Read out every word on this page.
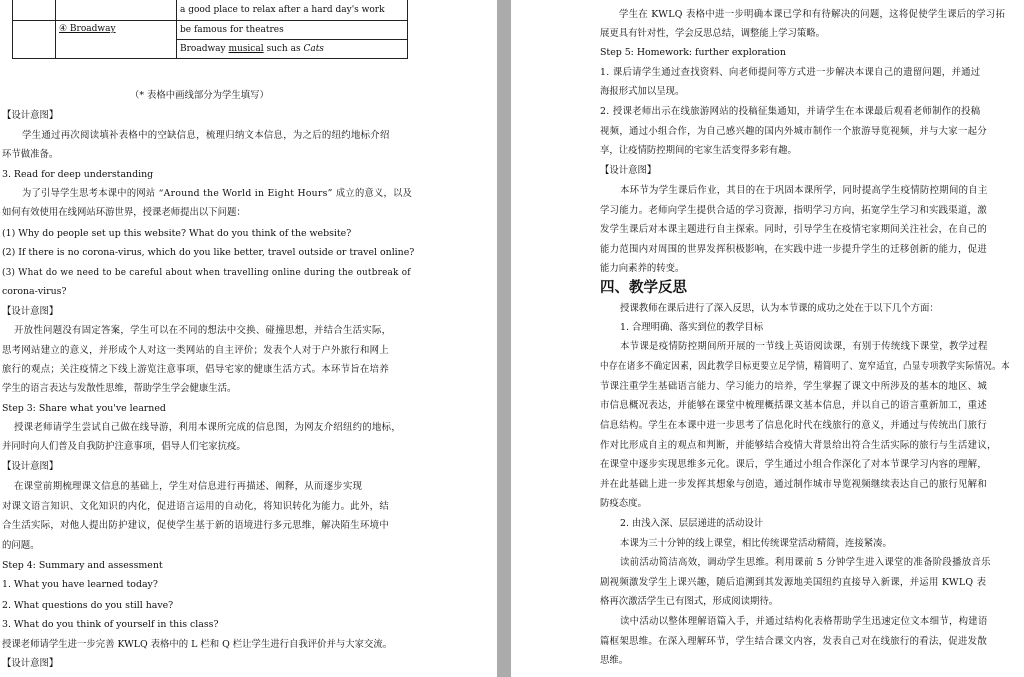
		a good place to relax after a hard day's work
	④ Broadway	be famous for theatres
		Broadway musical such as Cats
（* 表格中画线部分为学生填写）
【设计意图】
学生通过再次阅读填补表格中的空缺信息，梳理归纳文本信息，为之后的纽约地标介绍
环节做准备。
3. Read for deep understanding
为了引导学生思考本课中的网站 “Around the World in Eight Hours” 成立的意义，以及
如何有效使用在线网站环游世界，授课老师提出以下问题：
(1) Why do people set up this website? What do you think of the website?
(2) If there is no corona-virus, which do you like better, travel outside or travel online?
(3) What do we need to be careful about when travelling online during the outbreak of
corona-virus?
【设计意图】
开放性问题没有固定答案，学生可以在不同的想法中交换、碰撞思想，并结合生活实际，
思考网站建立的意义，并形成个人对这一类网站的自主评价；发表个人对于户外旅行和网上
旅行的观点；关注疫情之下线上游览注意事项，倡导宅家的健康生活方式。本环节旨在培养
学生的语言表达与发散性思维，帮助学生学会健康生活。
Step 3: Share what you've learned
授课老师请学生尝试自己做在线导游，利用本课所完成的信息图，为网友介绍纽约的地标，
并同时向人们普及自我防护注意事项，倡导人们宅家抗疫。
【设计意图】
在课堂前期梳理课文信息的基础上，学生对信息进行再描述、阐释，从而逐步实现
对课文语言知识、文化知识的内化，促进语言运用的自动化，将知识转化为能力。此外，结
合生活实际，对他人提出防护建议，促使学生基于新的语境进行多元思维，解决陌生环境中
的问题。
Step 4: Summary and assessment
1. What you have learned today?
2. What questions do you still have?
3. What do you think of yourself in this class?
授课老师请学生进一步完善 KWLQ 表格中的 L 栏和 Q 栏让学生进行自我评价并与大家交流。
【设计意图】
学生在 KWLQ 表格中进一步明确本课已学和有待解决的问题，这将促使学生课后的学习拓
展更具有针对性，学会反思总结，调整能上学习策略。
Step 5: Homework: further exploration
1. 课后请学生通过查找资料、向老师提问等方式进一步解决本课自己的遗留问题，并通过
海报形式加以呈现。
2. 授课老师出示在线旅游网站的投稿征集通知，并请学生在本课最后观看老师制作的投稿
视频，通过小组合作，为自己感兴趣的国内外城市制作一个旅游导览视频，并与大家一起分
享，让疫情防控期间的宅家生活变得多彩有趣。
【设计意图】
本环节为学生课后作业，其目的在于巩固本课所学，同时提高学生疫情防控期间的自主
学习能力。老师向学生提供合适的学习资源，指明学习方向，拓宽学生学习和实践渠道，激
发学生课后对本课主题进行自主探索。同时，引导学生在疫情宅家期间关注社会，在自己的
能力范围内对周围的世界发挥积极影响，在实践中进一步提升学生的迁移创新的能力，促进
能力向素养的转变。
四、教学反思
授课教师在课后进行了深入反思，认为本节课的成功之处在于以下几个方面：
1. 合理明确、落实到位的教学目标
本节课是疫情防控期间所开展的一节线上英语阅读课，有别于传统线下课堂，教学过程
中存在诸多不确定因素，因此教学目标更要立足学情，精简明了、宽窄适宜，凸显专项教学实际情况。本
节课注重学生基础语言能力、学习能力的培养，学生掌握了课文中所涉及的基本的地区、城
市信息概况表达，并能够在课堂中梳理概括课文基本信息，并以自己的语言重新加工，重述
信息结构。学生在本课中进一步思考了信息化时代在线旅行的意义，并通过与传统出门旅行
作对比形成自主的观点和判断，并能够结合疫情大背景给出符合生活实际的旅行与生活建议，
在课堂中逐步实现思维多元化。课后，学生通过小组合作深化了对本节课学习内容的理解，
并在此基础上进一步发挥其想象与创造，通过制作城市导览视频继续表达自己的旅行见解和
防疫态度。
2. 由浅入深、层层递进的活动设计
本课为三十分钟的线上课堂，相比传统课堂活动精简，连接紧凑。
读前活动简洁高效，调动学生思维。利用课前 5 分钟学生进入课堂的准备阶段播放音乐
剧视频激发学生上课兴趣，随后追溯到其发源地美国纽约直接导入新课，并运用 KWLQ 表
格再次激活学生已有图式，形成阅读期待。
读中活动以整体理解语篇入手，并通过结构化表格帮助学生迅速定位文本细节，构建语
篇框架思维。在深入理解环节，学生结合课文内容，发表自己对在线旅行的看法，促进发散
思维。
